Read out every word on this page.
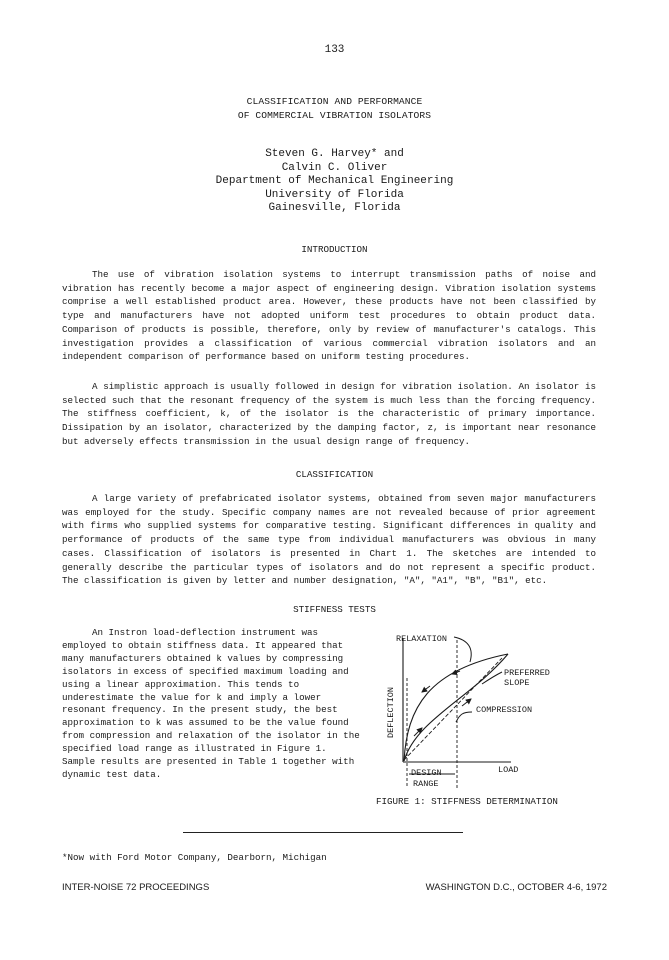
133
CLASSIFICATION AND PERFORMANCE
OF COMMERCIAL VIBRATION ISOLATORS
Steven G. Harvey* and
Calvin C. Oliver
Department of Mechanical Engineering
University of Florida
Gainesville, Florida
INTRODUCTION

The use of vibration isolation systems to interrupt transmission paths of noise and vibration has recently become a major aspect of engineering design. Vibration isolation systems comprise a well established product area. However, these products have not been classified by type and manufacturers have not adopted uniform test procedures to obtain product data. Comparison of products is possible, therefore, only by review of manufacturer's catalogs. This investigation provides a classification of various commercial vibration isolators and an independent comparison of performance based on uniform testing procedures.

A simplistic approach is usually followed in design for vibration isolation. An isolator is selected such that the resonant frequency of the system is much less than the forcing frequency. The stiffness coefficient, k, of the isolator is the characteristic of primary importance. Dissipation by an isolator, characterized by the damping factor, z, is important near resonance but adversely effects transmission in the usual design range of frequency.

CLASSIFICATION

A large variety of prefabricated isolator systems, obtained from seven major manufacturers was employed for the study. Specific company names are not revealed because of prior agreement with firms who supplied systems for comparative testing. Significant differences in quality and performance of products of the same type from individual manufacturers was obvious in many cases. Classification of isolators is presented in Chart 1. The sketches are intended to generally describe the particular types of isolators and do not represent a specific product. The classification is given by letter and number designation, "A", "A1", "B", "B1", etc.

STIFFNESS TESTS

An Instron load-deflection instrument was employed to obtain stiffness data. It appeared that many manufacturers obtained k values by compressing isolators in excess of specified maximum loading and using a linear approximation. This tends to underestimate the value for k and imply a lower resonant frequency. In the present study, the best approximation to k was assumed to be the value found from compression and relaxation of the isolator in the specified load range as illustrated in Figure 1. Sample results are presented in Table 1 together with dynamic test data.

RELAXATION
PREFERRED
SLOPE
COMPRESSION
DEFLECTION
LOAD
DESIGN
RANGE
FIGURE 1: STIFFNESS DETERMINATION
*Now with Ford Motor Company, Dearborn, Michigan
INTER-NOISE 72 PROCEEDINGS	WASHINGTON D.C., OCTOBER 4-6, 1972
